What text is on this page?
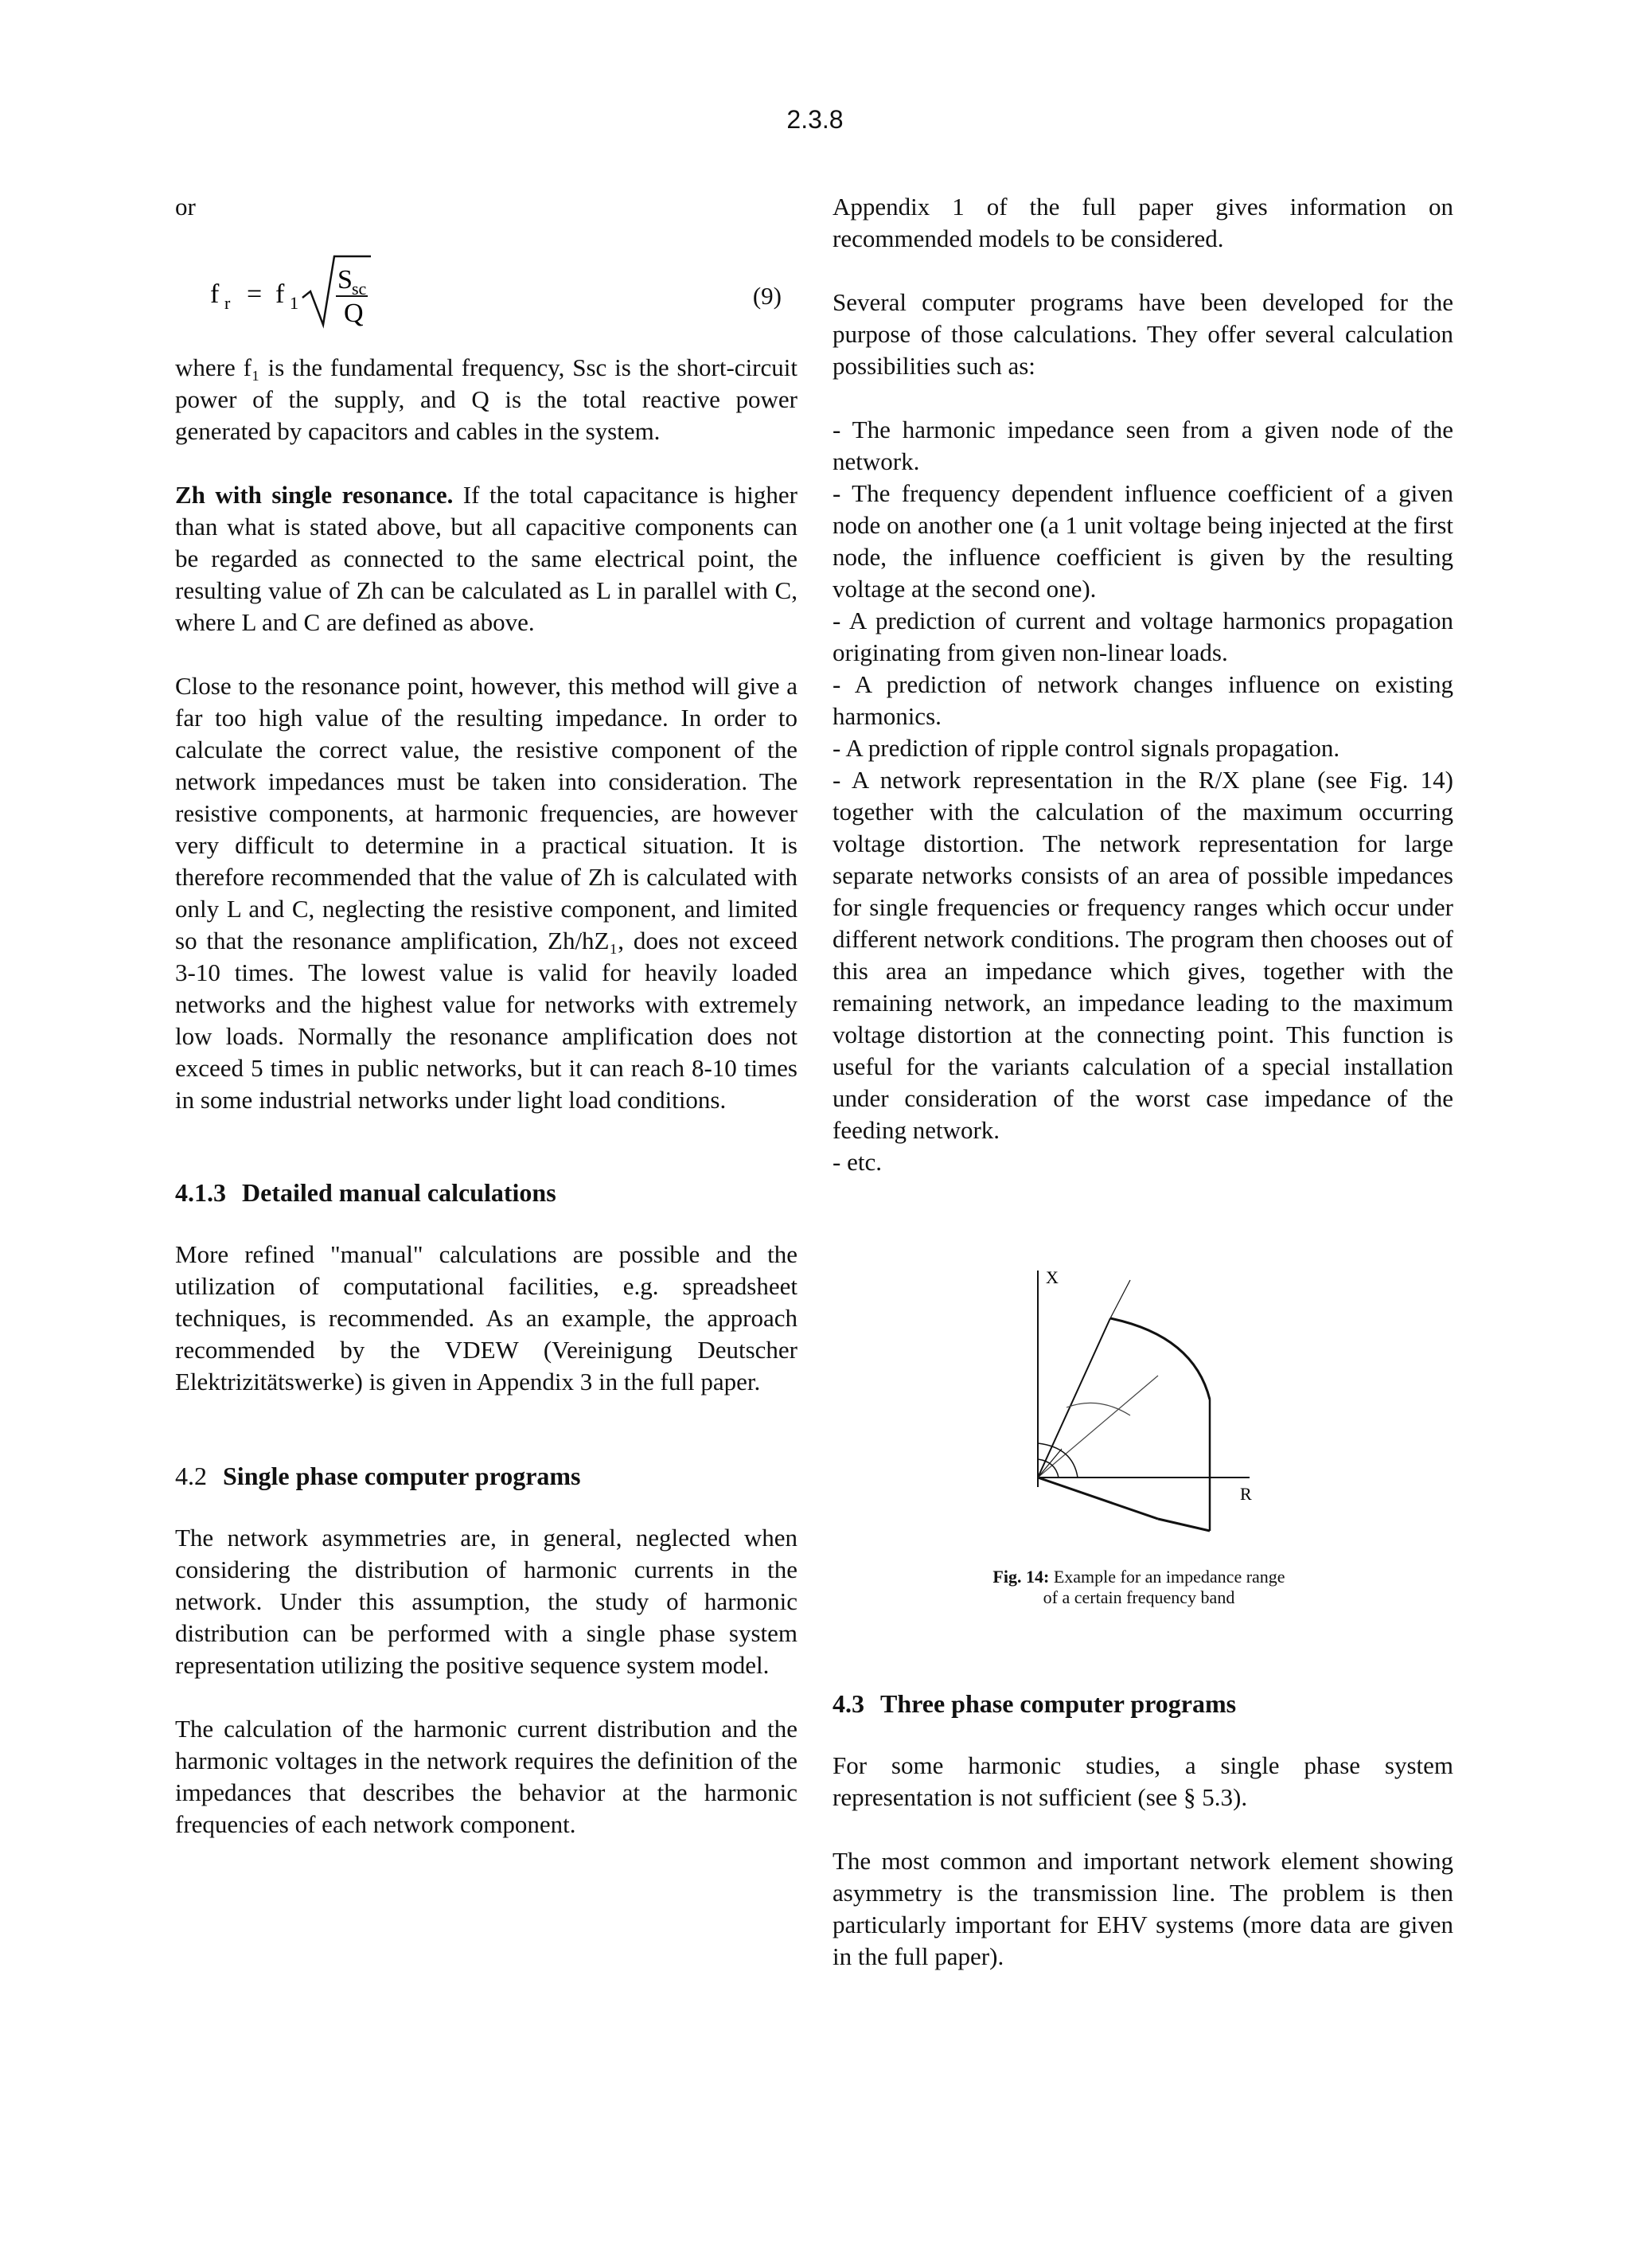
2.3.8

or

f r = f 1
S sc
Q
(9)

where f₁ is the fundamental frequency, Ssc is the short-circuit power of the supply, and Q is the total reactive power generated by capacitors and cables in the system.

Zh with single resonance. If the total capacitance is higher than what is stated above, but all capacitive components can be regarded as connected to the same electrical point, the resulting value of Zh can be calculated as L in parallel with C, where L and C are defined as above.

Close to the resonance point, however, this method will give a far too high value of the resulting impedance. In order to calculate the correct value, the resistive component of the network impedances must be taken into consideration. The resistive components, at harmonic frequencies, are however very difficult to determine in a practical situation. It is therefore recommended that the value of Zh is calculated with only L and C, neglecting the resistive component, and limited so that the resonance amplification, Zh/hZ₁, does not exceed 3-10 times. The lowest value is valid for heavily loaded networks and the highest value for networks with extremely low loads. Normally the resonance amplification does not exceed 5 times in public networks, but it can reach 8-10 times in some industrial networks under light load conditions.

4.1.3 Detailed manual calculations

More refined "manual" calculations are possible and the utilization of computational facilities, e.g. spreadsheet techniques, is recommended. As an example, the approach recommended by the VDEW (Vereinigung Deutscher Elektrizitätswerke) is given in Appendix 3 in the full paper.

4.2 Single phase computer programs

The network asymmetries are, in general, neglected when considering the distribution of harmonic currents in the network. Under this assumption, the study of harmonic distribution can be performed with a single phase system representation utilizing the positive sequence system model.

The calculation of the harmonic current distribution and the harmonic voltages in the network requires the definition of the impedances that describes the behavior at the harmonic frequencies of each network component.

Appendix 1 of the full paper gives information on recommended models to be considered.

Several computer programs have been developed for the purpose of those calculations. They offer several calculation possibilities such as:

- The harmonic impedance seen from a given node of the network.

- The frequency dependent influence coefficient of a given node on another one (a 1 unit voltage being injected at the first node, the influence coefficient is given by the resulting voltage at the second one).

- A prediction of current and voltage harmonics propagation originating from given non-linear loads.

- A prediction of network changes influence on existing harmonics.

- A prediction of ripple control signals propagation.

- A network representation in the R/X plane (see Fig. 14) together with the calculation of the maximum occurring voltage distortion. The network representation for large separate networks consists of an area of possible impedances for single frequencies or frequency ranges which occur under different network conditions. The program then chooses out of this area an impedance which gives, together with the remaining network, an impedance leading to the maximum voltage distortion at the connecting point. This function is useful for the variants calculation of a special installation under consideration of the worst case impedance of the feeding network.

- etc.

X
R
Fig. 14: Example for an impedance range
of a certain frequency band
4.3 Three phase computer programs

For some harmonic studies, a single phase system representation is not sufficient (see § 5.3).

The most common and important network element showing asymmetry is the transmission line. The problem is then particularly important for EHV systems (more data are given in the full paper).
